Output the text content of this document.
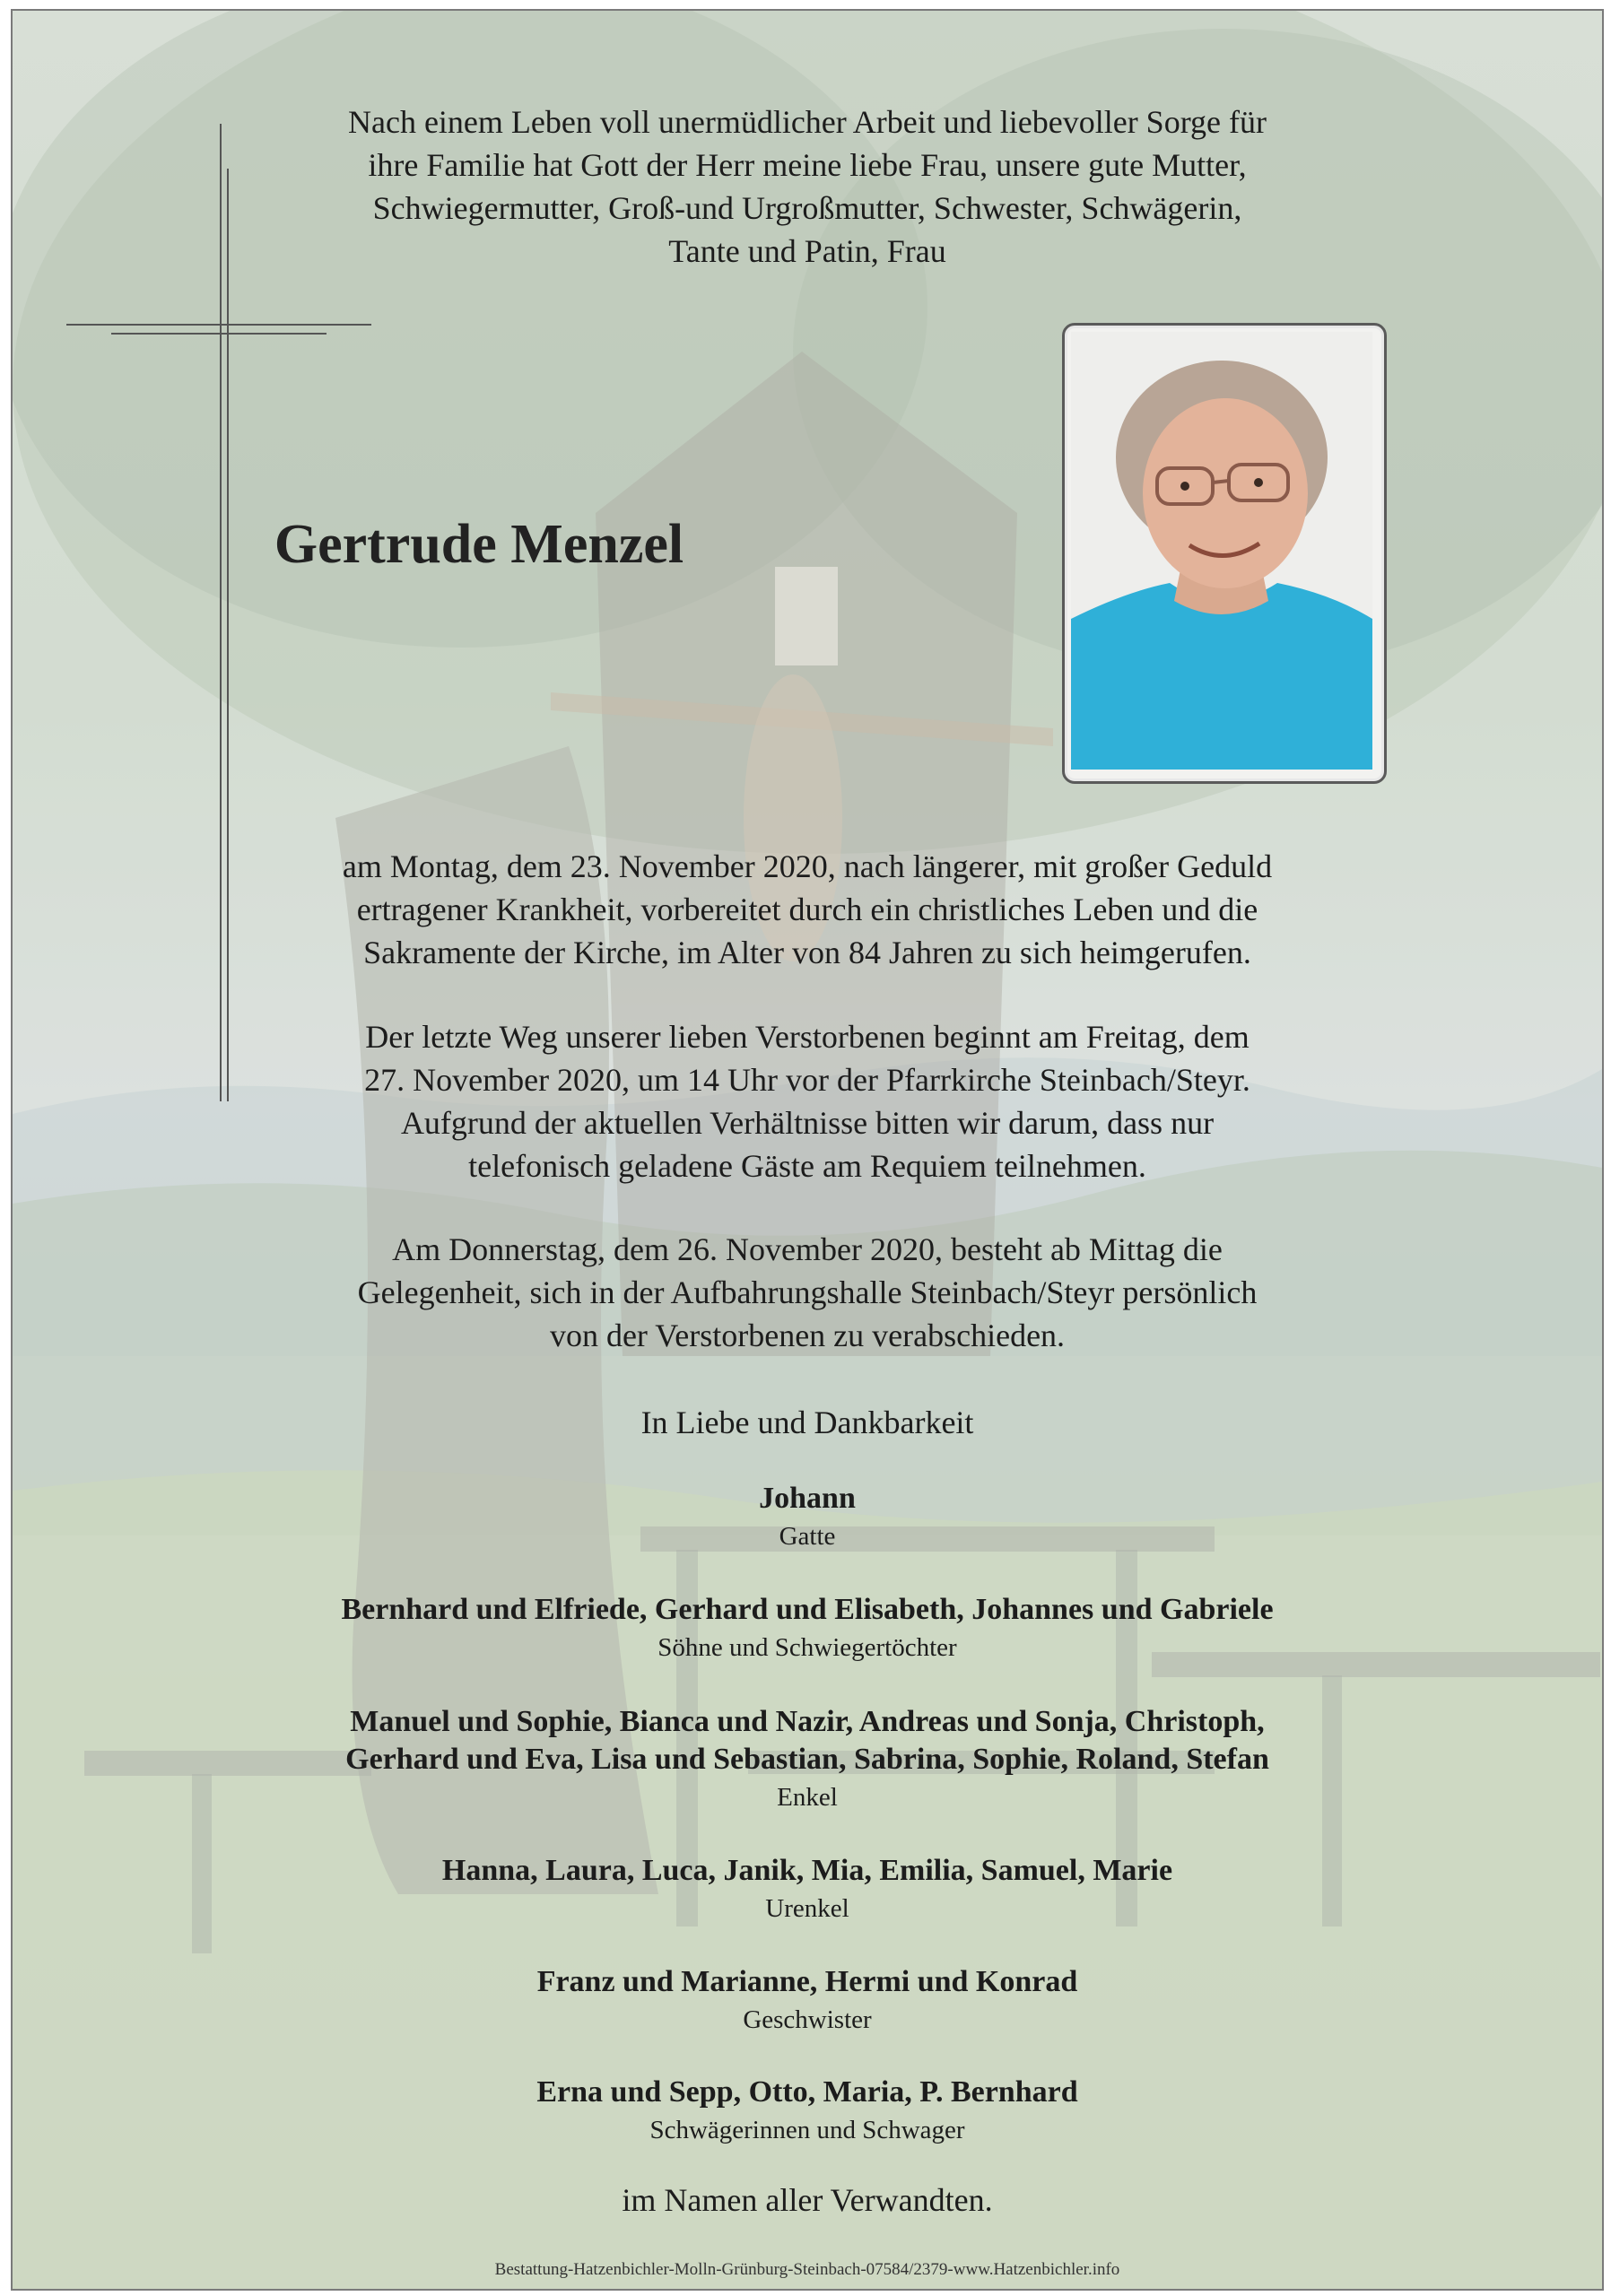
Nach einem Leben voll unermüdlicher Arbeit und liebevoller Sorge für
ihre Familie hat Gott der Herr meine liebe Frau, unsere gute Mutter,
Schwiegermutter, Groß-und Urgroßmutter, Schwester, Schwägerin,
Tante und Patin, Frau
Gertrude Menzel
am Montag, dem 23. November 2020, nach längerer, mit großer Geduld
ertragener Krankheit, vorbereitet durch ein christliches Leben und die
Sakramente der Kirche, im Alter von 84 Jahren zu sich heimgerufen.
Der letzte Weg unserer lieben Verstorbenen beginnt am Freitag, dem
27. November 2020, um 14 Uhr vor der Pfarrkirche Steinbach/Steyr.
Aufgrund der aktuellen Verhältnisse bitten wir darum, dass nur
telefonisch geladene Gäste am Requiem teilnehmen.
Am Donnerstag, dem 26. November 2020, besteht ab Mittag die
Gelegenheit, sich in der Aufbahrungshalle Steinbach/Steyr persönlich
von der Verstorbenen zu verabschieden.
In Liebe und Dankbarkeit
Johann
Gatte
Bernhard und Elfriede, Gerhard und Elisabeth, Johannes und Gabriele
Söhne und Schwiegertöchter
Manuel und Sophie, Bianca und Nazir, Andreas und Sonja, Christoph,
Gerhard und Eva, Lisa und Sebastian, Sabrina, Sophie, Roland, Stefan
Enkel
Hanna, Laura, Luca, Janik, Mia, Emilia, Samuel, Marie
Urenkel
Franz und Marianne, Hermi und Konrad
Geschwister
Erna und Sepp, Otto, Maria, P. Bernhard
Schwägerinnen und Schwager
im Namen aller Verwandten.
Bestattung-Hatzenbichler-Molln-Grünburg-Steinbach-07584/2379-www.Hatzenbichler.info
